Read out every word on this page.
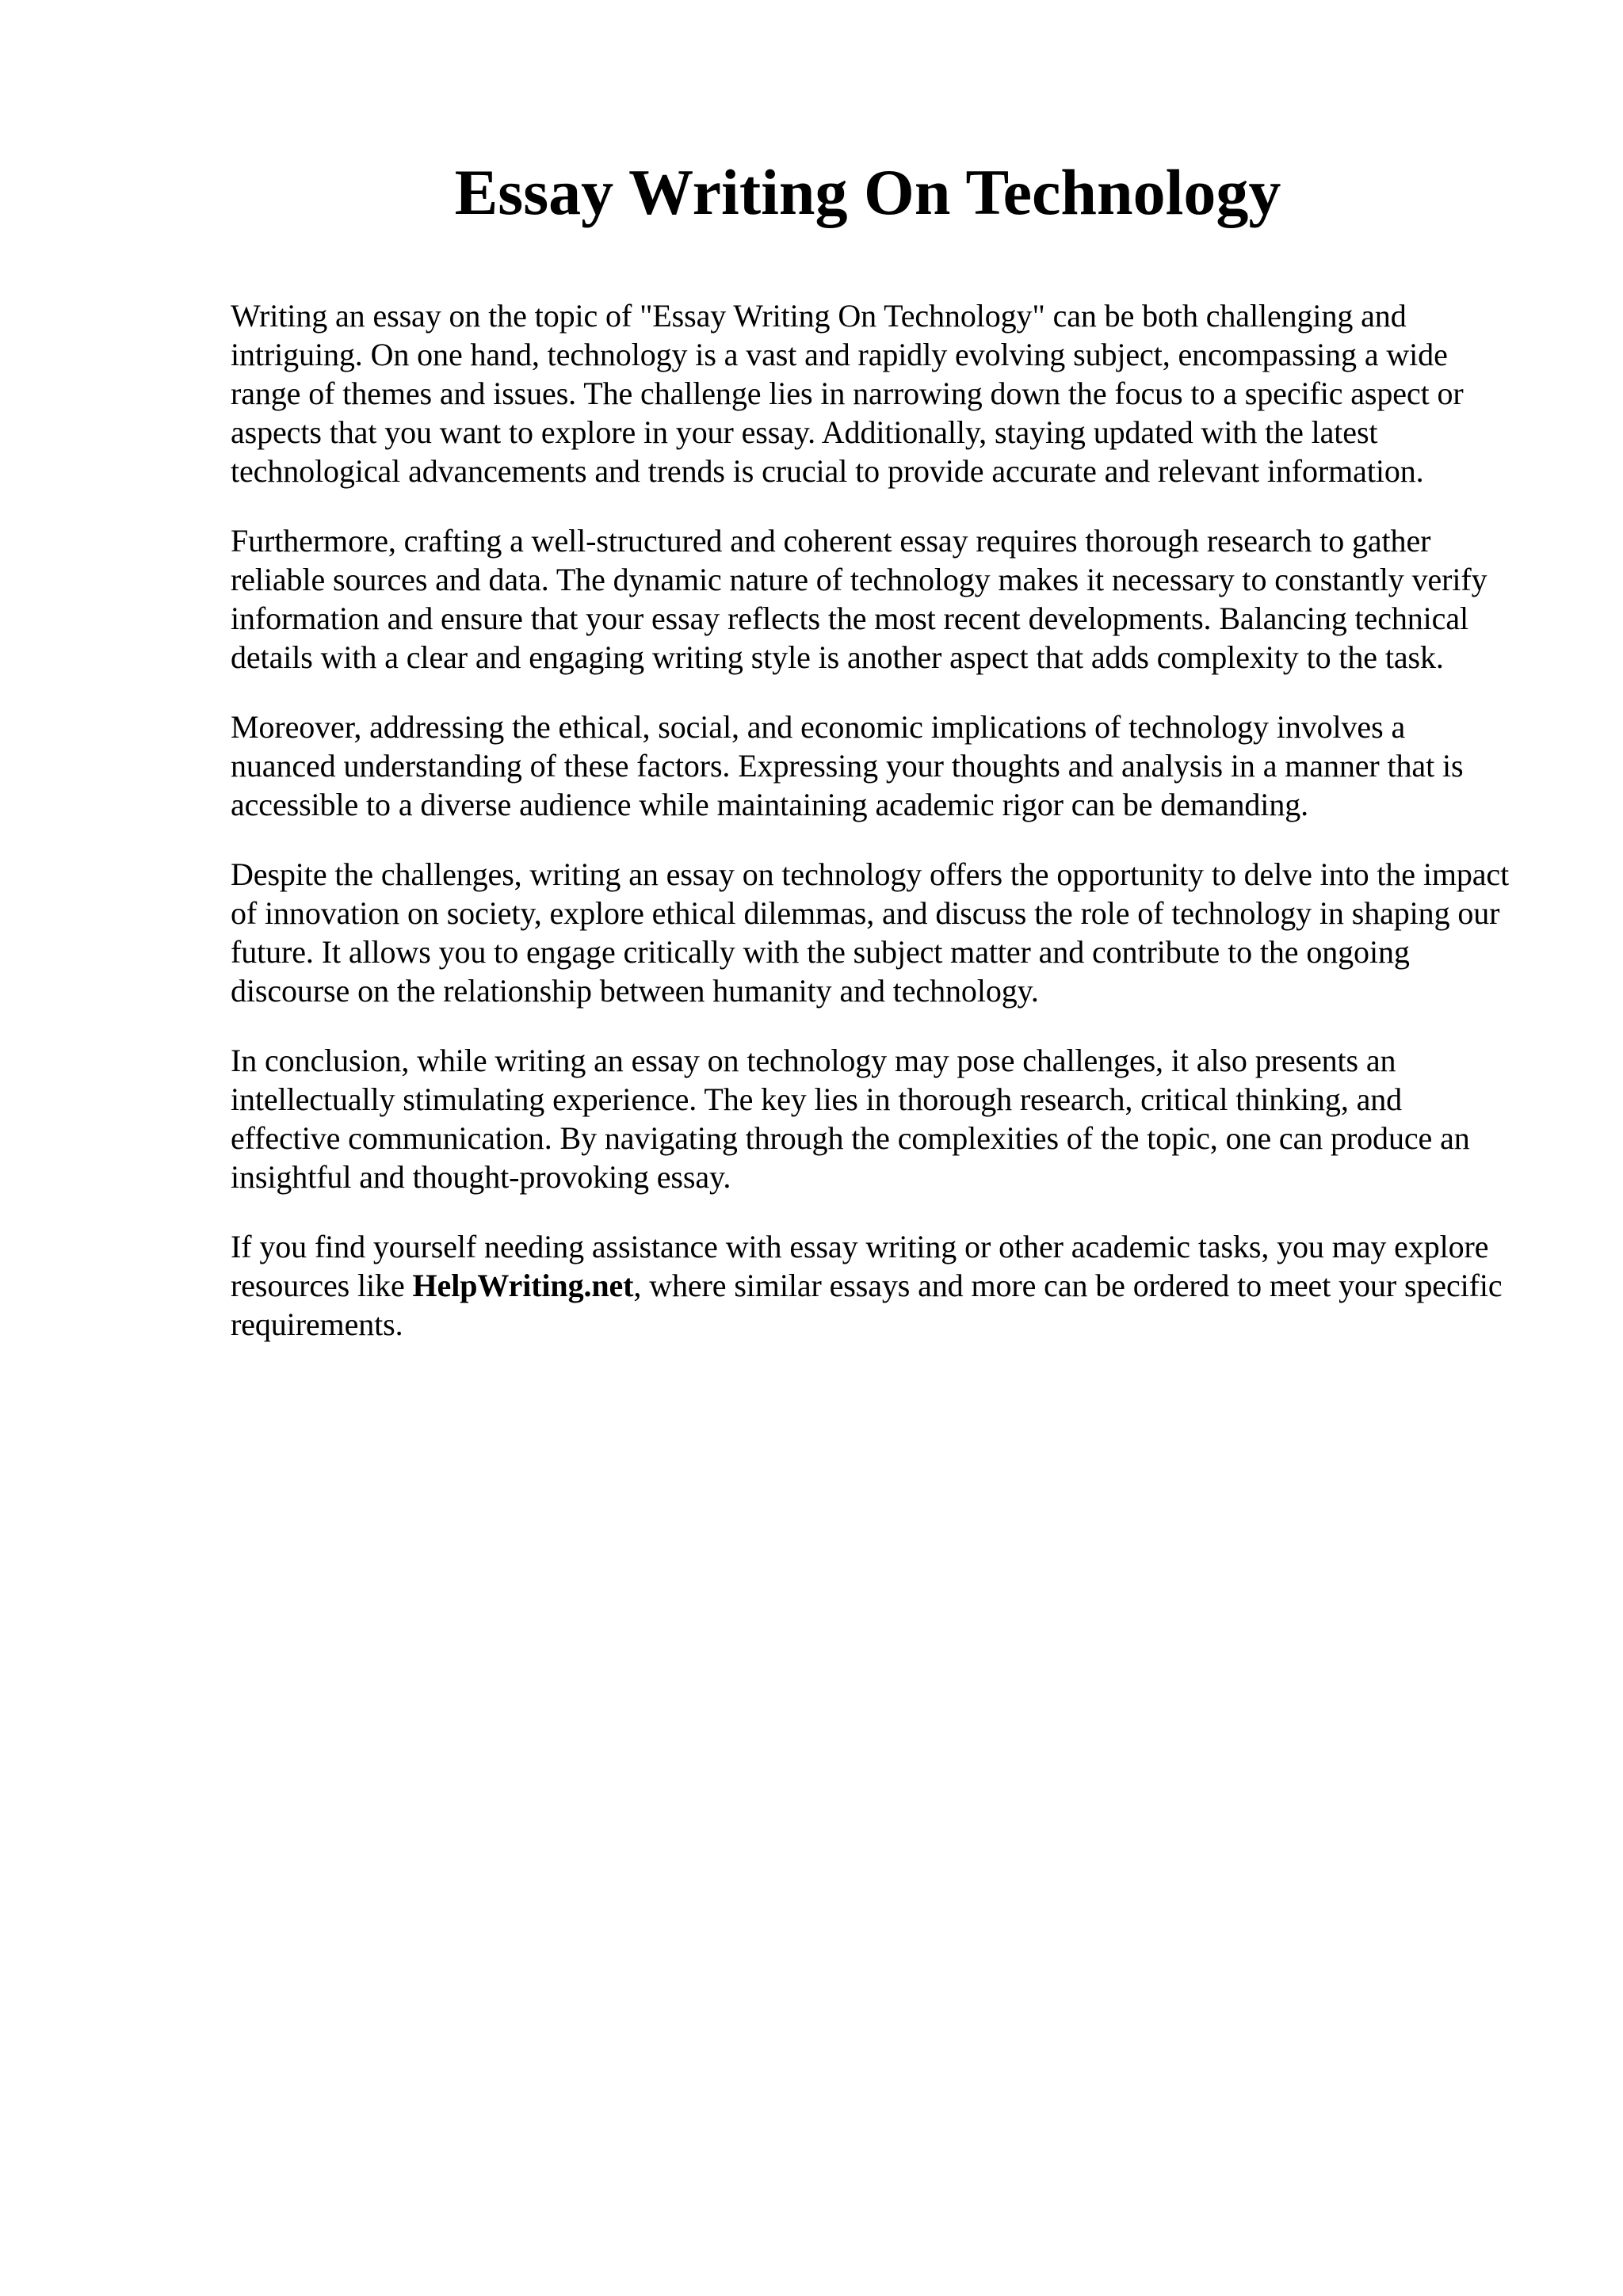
Essay Writing On Technology

Writing an essay on the topic of "Essay Writing On Technology" can be both challenging and intriguing. On one hand, technology is a vast and rapidly evolving subject, encompassing a wide range of themes and issues. The challenge lies in narrowing down the focus to a specific aspect or aspects that you want to explore in your essay. Additionally, staying updated with the latest technological advancements and trends is crucial to provide accurate and relevant information.

Furthermore, crafting a well-structured and coherent essay requires thorough research to gather reliable sources and data. The dynamic nature of technology makes it necessary to constantly verify information and ensure that your essay reflects the most recent developments. Balancing technical details with a clear and engaging writing style is another aspect that adds complexity to the task.

Moreover, addressing the ethical, social, and economic implications of technology involves a nuanced understanding of these factors. Expressing your thoughts and analysis in a manner that is accessible to a diverse audience while maintaining academic rigor can be demanding.

Despite the challenges, writing an essay on technology offers the opportunity to delve into the impact of innovation on society, explore ethical dilemmas, and discuss the role of technology in shaping our future. It allows you to engage critically with the subject matter and contribute to the ongoing discourse on the relationship between humanity and technology.

In conclusion, while writing an essay on technology may pose challenges, it also presents an intellectually stimulating experience. The key lies in thorough research, critical thinking, and effective communication. By navigating through the complexities of the topic, one can produce an insightful and thought-provoking essay.

If you find yourself needing assistance with essay writing or other academic tasks, you may explore resources like HelpWriting.net, where similar essays and more can be ordered to meet your specific requirements.
